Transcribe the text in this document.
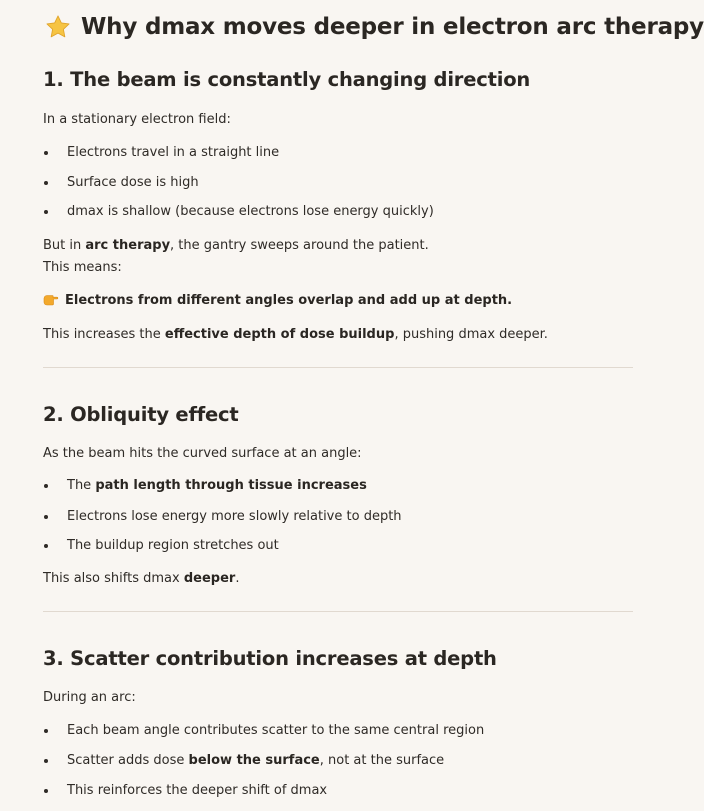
Why dmax moves deeper in electron arc therapy
1. The beam is constantly changing direction

In a stationary electron field:

Electrons travel in a straight line
Surface dose is high
dmax is shallow (because electrons lose energy quickly)

But in arc therapy, the gantry sweeps around the patient.

This means:

Electrons from different angles overlap and add up at depth.

This increases the effective depth of dose buildup, pushing dmax deeper.

2. Obliquity effect

As the beam hits the curved surface at an angle:

The path length through tissue increases
Electrons lose energy more slowly relative to depth
The buildup region stretches out

This also shifts dmax deeper.

3. Scatter contribution increases at depth

During an arc:

Each beam angle contributes scatter to the same central region
Scatter adds dose below the surface, not at the surface
This reinforces the deeper shift of dmax
